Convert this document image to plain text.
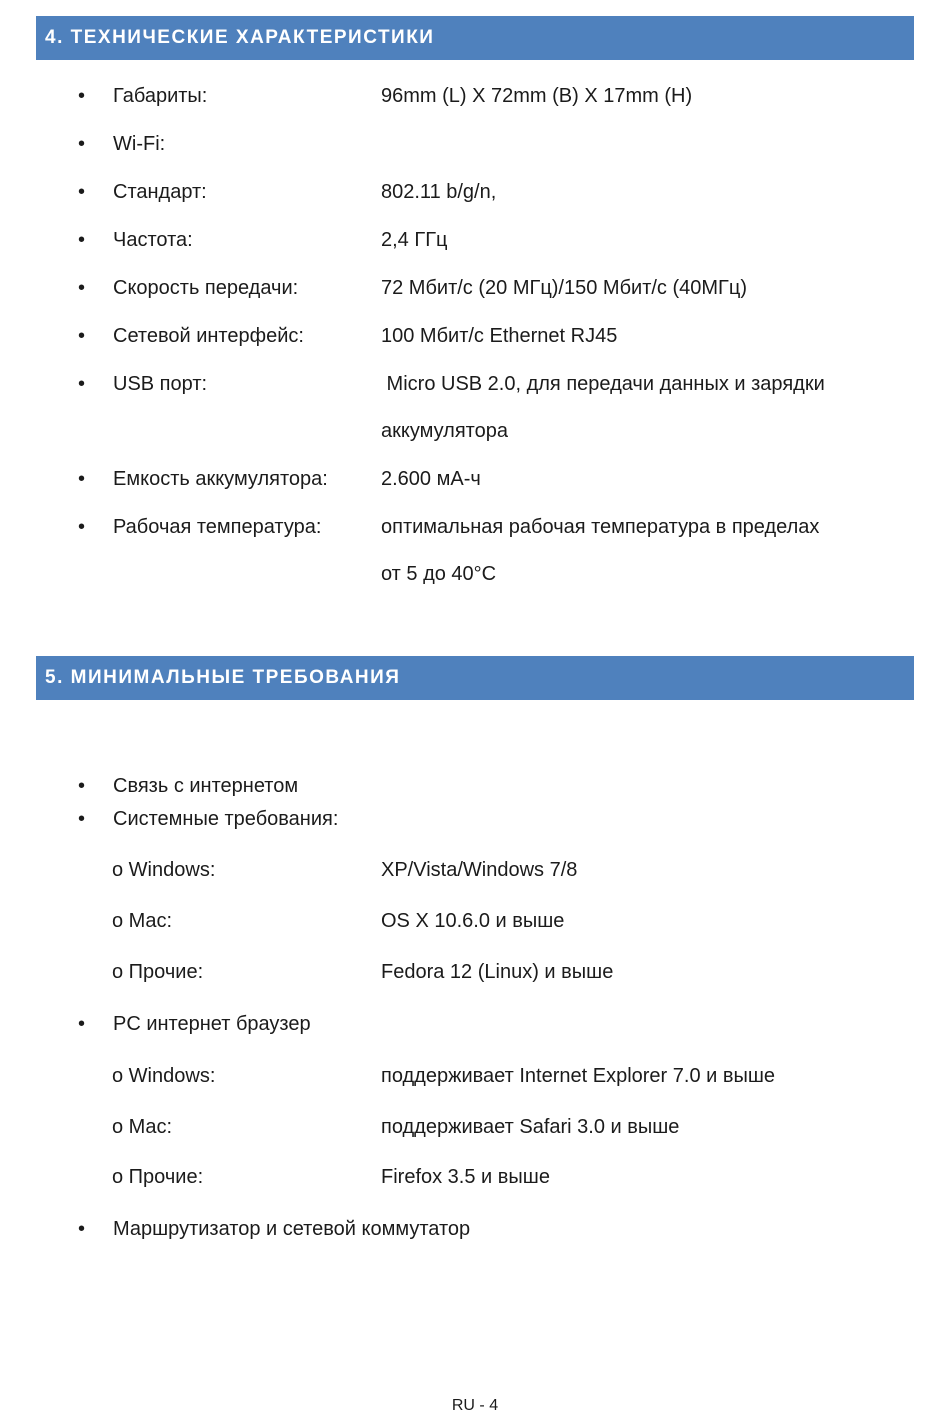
4. ТЕХНИЧЕСКИЕ ХАРАКТЕРИСТИКИ
•
Габариты:	96mm (L) X 72mm (B) X 17mm (H)
•
Wi-Fi:
•
Стандарт:	802.11 b/g/n,
•
Частота:	2,4 ГГц
•
Скорость передачи:	72 Мбит/с (20 МГц)/150 Мбит/с (40МГц)
•
Сетевой интерфейс:	100 Мбит/с Ethernet RJ45
•
USB порт:	Micro USB 2.0, для передачи данных и зарядки
аккумулятора
•
Емкость аккумулятора:	2.600 мА-ч
•
Рабочая температура:	оптимальная рабочая температура в пределах
от 5 до 40°C
5. МИНИМАЛЬНЫЕ ТРЕБОВАНИЯ
•
Связь с интернетом
•
Системные требования:
o Windows:	XP/Vista/Windows 7/8
o Mac:	OS X 10.6.0 и выше
o Прочие:	Fedora 12 (Linux) и выше
•
PC интернет браузер
o Windows:	поддерживает Internet Explorer 7.0 и выше
o Mac:	поддерживает Safari 3.0 и выше
o Прочие:	Firefox 3.5 и выше
•
Маршрутизатор и сетевой коммутатор
RU - 4
